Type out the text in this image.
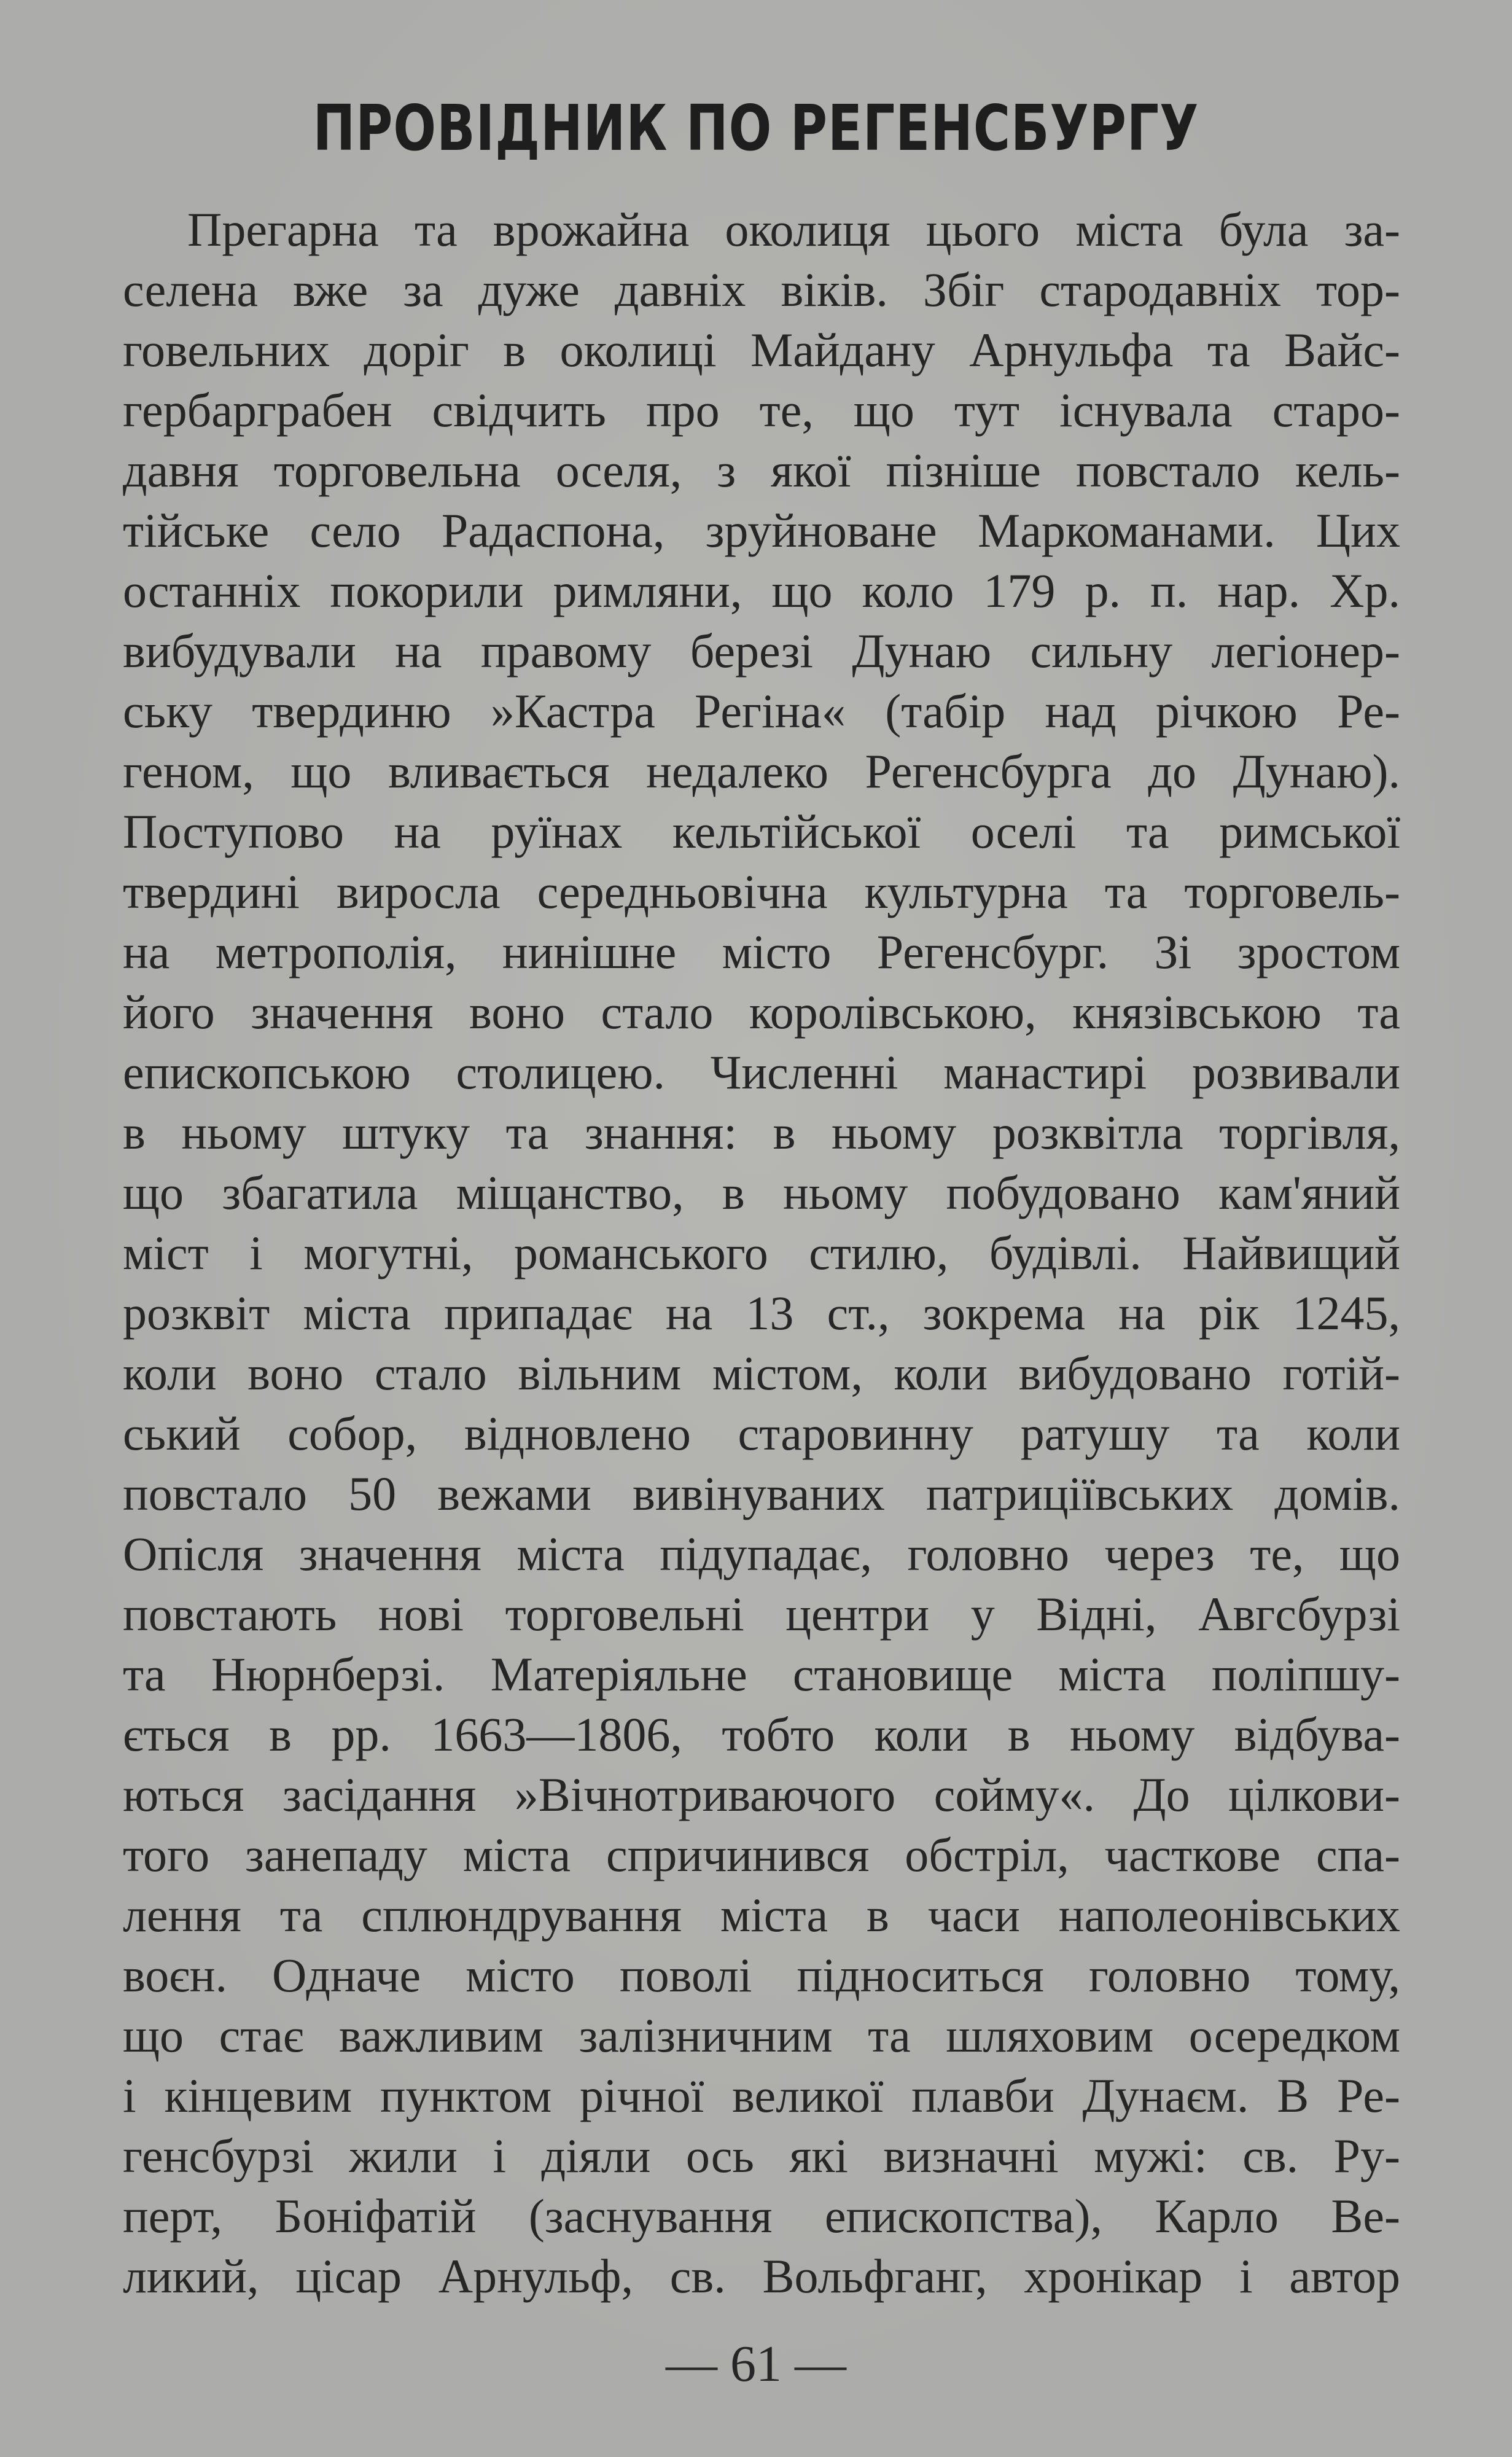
ПРОВІДНИК ПО РЕГЕНСБУРГУ
Прегарна та врожайна околиця цього міста була за-
селена вже за дуже давніх віків. Збіг стародавніх тор-
говельних доріг в околиці Майдану Арнульфа та Вайс-
гербарграбен свідчить про те, що тут існувала старо-
давня торговельна оселя, з якої пізніше повстало кель-
тійське село Радаспона, зруйноване Маркоманами. Цих
останніх покорили римляни, що коло 179 р. п. нар. Хр.
вибудували на правому березі Дунаю сильну легіонер-
ську твердиню »Кастра Регіна« (табір над річкою Ре-
геном, що вливається недалеко Регенсбурга до Дунаю).
Поступово на руїнах кельтійської оселі та римської
твердині виросла середньовічна культурна та торговель-
на метрополія, нинішне місто Регенсбург. Зі зростом
його значення воно стало королівською, князівською та
епископською столицею. Численні манастирі розвивали
в ньому штуку та знання: в ньому розквітла торгівля,
що збагатила міщанство, в ньому побудовано кам'яний
міст і могутні, романського стилю, будівлі. Найвищий
розквіт міста припадає на 13 ст., зокрема на рік 1245,
коли воно стало вільним містом, коли вибудовано готій-
ський собор, відновлено старовинну ратушу та коли
повстало 50 вежами вивінуваних патриціївських домів.
Опісля значення міста підупадає, головно через те, що
повстають нові торговельні центри у Відні, Авгсбурзі
та Нюрнберзі. Матеріяльне становище міста поліпшу-
ється в рр. 1663—1806, тобто коли в ньому відбува-
ються засідання »Вічнотриваючого сойму«. До цілкови-
того занепаду міста спричинився обстріл, часткове спа-
лення та сплюндрування міста в часи наполеонівських
воєн. Одначе місто поволі підноситься головно тому,
що стає важливим залізничним та шляховим осередком
і кінцевим пунктом річної великої плавби Дунаєм. В Ре-
генсбурзі жили і діяли ось які визначні мужі: св. Ру-
перт, Боніфатій (заснування епископства), Карло Ве-
ликий, цісар Арнульф, св. Вольфганг, хронікар і автор
— 61 —
